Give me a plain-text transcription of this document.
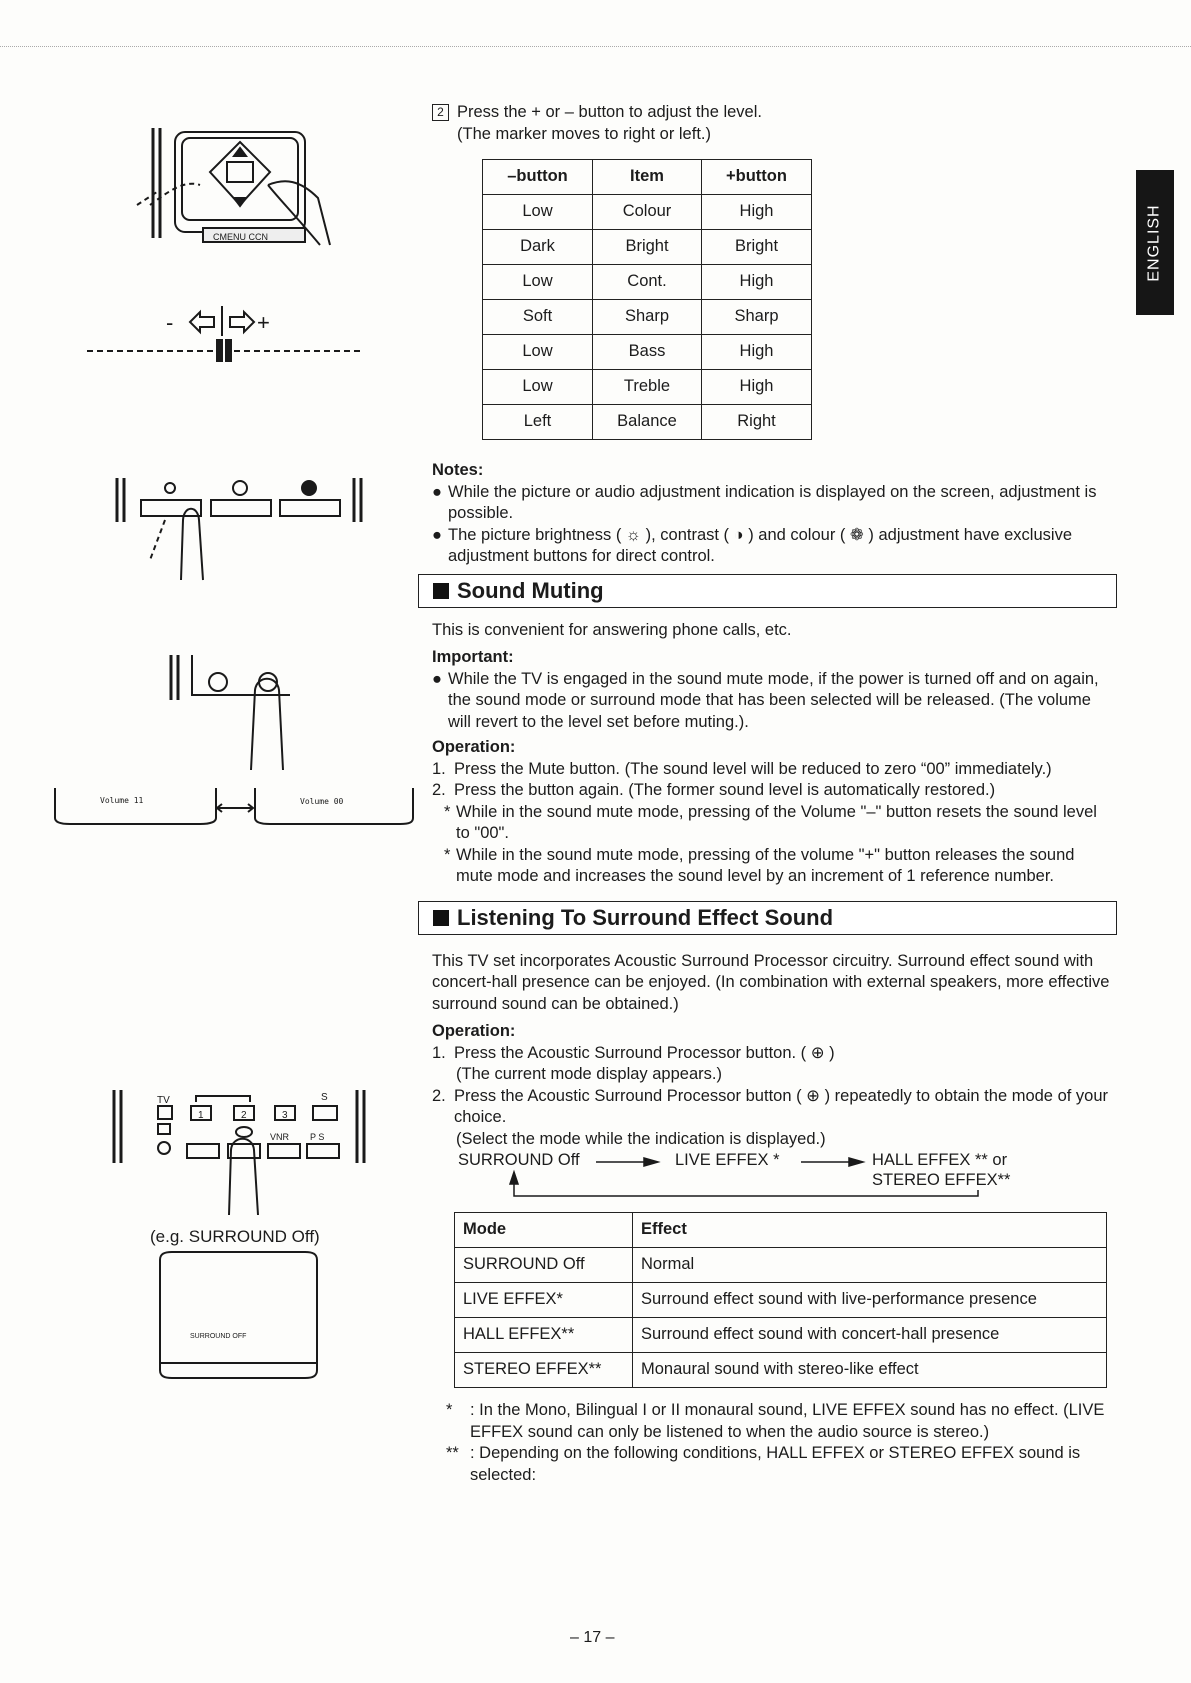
CMENU CCN
-	+
Volume 11	Volume 00
TV
1	2	3
S
VNR P S
SURROUND OFF
(e.g. SURROUND Off)
ENGLISH
2 Press the + or – button to adjust the level.
(The marker moves to right or left.)
–button	Item	+button
Low	Colour	High
Dark	Bright	Bright
Low	Cont.	High
Soft	Sharp	Sharp
Low	Bass	High
Low	Treble	High
Left	Balance	Right
Notes:
● While the picture or audio adjustment indication is displayed on the screen, adjustment is possible.
● The picture brightness ( ☼ ), contrast ( ◑ ) and colour ( ❁ ) adjustment have exclusive adjustment buttons for direct control.
Sound Muting
This is convenient for answering phone calls, etc.
Important:
● While the TV is engaged in the sound mute mode, if the power is turned off and on again, the sound mode or surround mode that has been selected will be released. (The volume will revert to the level set before muting.).
Operation:
1. Press the Mute button. (The sound level will be reduced to zero “00” immediately.)
2. Press the button again. (The former sound level is automatically restored.)
* While in the sound mute mode, pressing of the Volume "–" button resets the sound level to "00".
* While in the sound mute mode, pressing of the volume "+" button releases the sound mute mode and increases the sound level by an increment of 1 reference number.
Listening To Surround Effect Sound
This TV set incorporates Acoustic Surround Processor circuitry. Surround effect sound with concert-hall presence can be enjoyed. (In combination with external speakers, more effective surround sound can be obtained.)
Operation:
1. Press the Acoustic Surround Processor button. ( ⊕ )
(The current mode display appears.)
2. Press the Acoustic Surround Processor button ( ⊕ ) repeatedly to obtain the mode of your choice.
(Select the mode while the indication is displayed.)
SURROUND Off	LIVE EFFEX *	HALL EFFEX ** or
STEREO EFFEX**
Mode	Effect
SURROUND Off	Normal
LIVE EFFEX*	Surround effect sound with live-performance presence
HALL EFFEX**	Surround effect sound with concert-hall presence
STEREO EFFEX**	Monaural sound with stereo-like effect
*	: In the Mono, Bilingual I or II monaural sound, LIVE EFFEX sound has no effect. (LIVE EFFEX sound can only be listened to when the audio source is stereo.)
** : Depending on the following conditions, HALL EFFEX or STEREO EFFEX sound is selected:
– 17 –
